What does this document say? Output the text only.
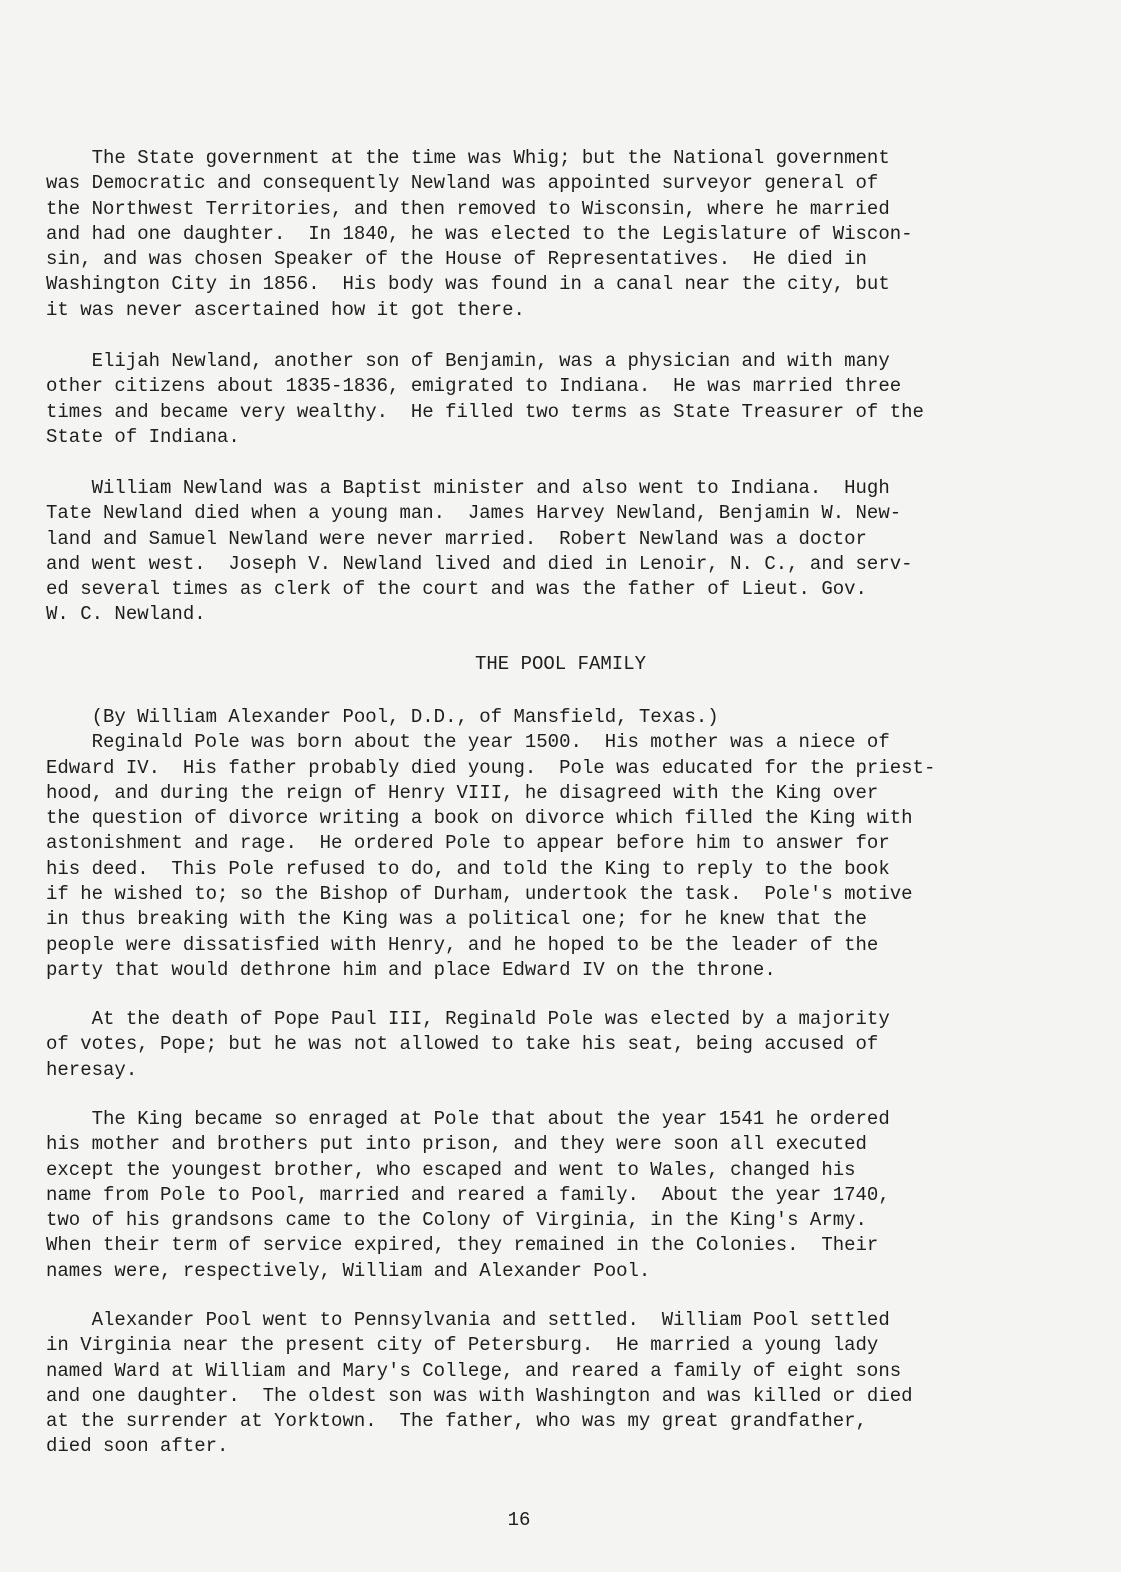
The State government at the time was Whig; but the National government
was Democratic and consequently Newland was appointed surveyor general of
the Northwest Territories, and then removed to Wisconsin, where he married
and had one daughter.  In 1840, he was elected to the Legislature of Wiscon-
sin, and was chosen Speaker of the House of Representatives.  He died in
Washington City in 1856.  His body was found in a canal near the city, but
it was never ascertained how it got there.
Elijah Newland, another son of Benjamin, was a physician and with many
other citizens about 1835-1836, emigrated to Indiana.  He was married three
times and became very wealthy.  He filled two terms as State Treasurer of the
State of Indiana.
William Newland was a Baptist minister and also went to Indiana.  Hugh
Tate Newland died when a young man.  James Harvey Newland, Benjamin W. New-
land and Samuel Newland were never married.  Robert Newland was a doctor
and went west.  Joseph V. Newland lived and died in Lenoir, N. C., and serv-
ed several times as clerk of the court and was the father of Lieut. Gov.
W. C. Newland.

THE POOL FAMILY

(By William Alexander Pool, D.D., of Mansfield, Texas.)
Reginald Pole was born about the year 1500.  His mother was a niece of
Edward IV.  His father probably died young.  Pole was educated for the priest-
hood, and during the reign of Henry VIII, he disagreed with the King over
the question of divorce writing a book on divorce which filled the King with
astonishment and rage.  He ordered Pole to appear before him to answer for
his deed.  This Pole refused to do, and told the King to reply to the book
if he wished to; so the Bishop of Durham, undertook the task.  Pole's motive
in thus breaking with the King was a political one; for he knew that the
people were dissatisfied with Henry, and he hoped to be the leader of the
party that would dethrone him and place Edward IV on the throne.
At the death of Pope Paul III, Reginald Pole was elected by a majority
of votes, Pope; but he was not allowed to take his seat, being accused of
heresay.
The King became so enraged at Pole that about the year 1541 he ordered
his mother and brothers put into prison, and they were soon all executed
except the youngest brother, who escaped and went to Wales, changed his
name from Pole to Pool, married and reared a family.  About the year 1740,
two of his grandsons came to the Colony of Virginia, in the King's Army.
When their term of service expired, they remained in the Colonies.  Their
names were, respectively, William and Alexander Pool.
Alexander Pool went to Pennsylvania and settled.  William Pool settled
in Virginia near the present city of Petersburg.  He married a young lady
named Ward at William and Mary's College, and reared a family of eight sons
and one daughter.  The oldest son was with Washington and was killed or died
at the surrender at Yorktown.  The father, who was my great grandfather,
died soon after.

16
